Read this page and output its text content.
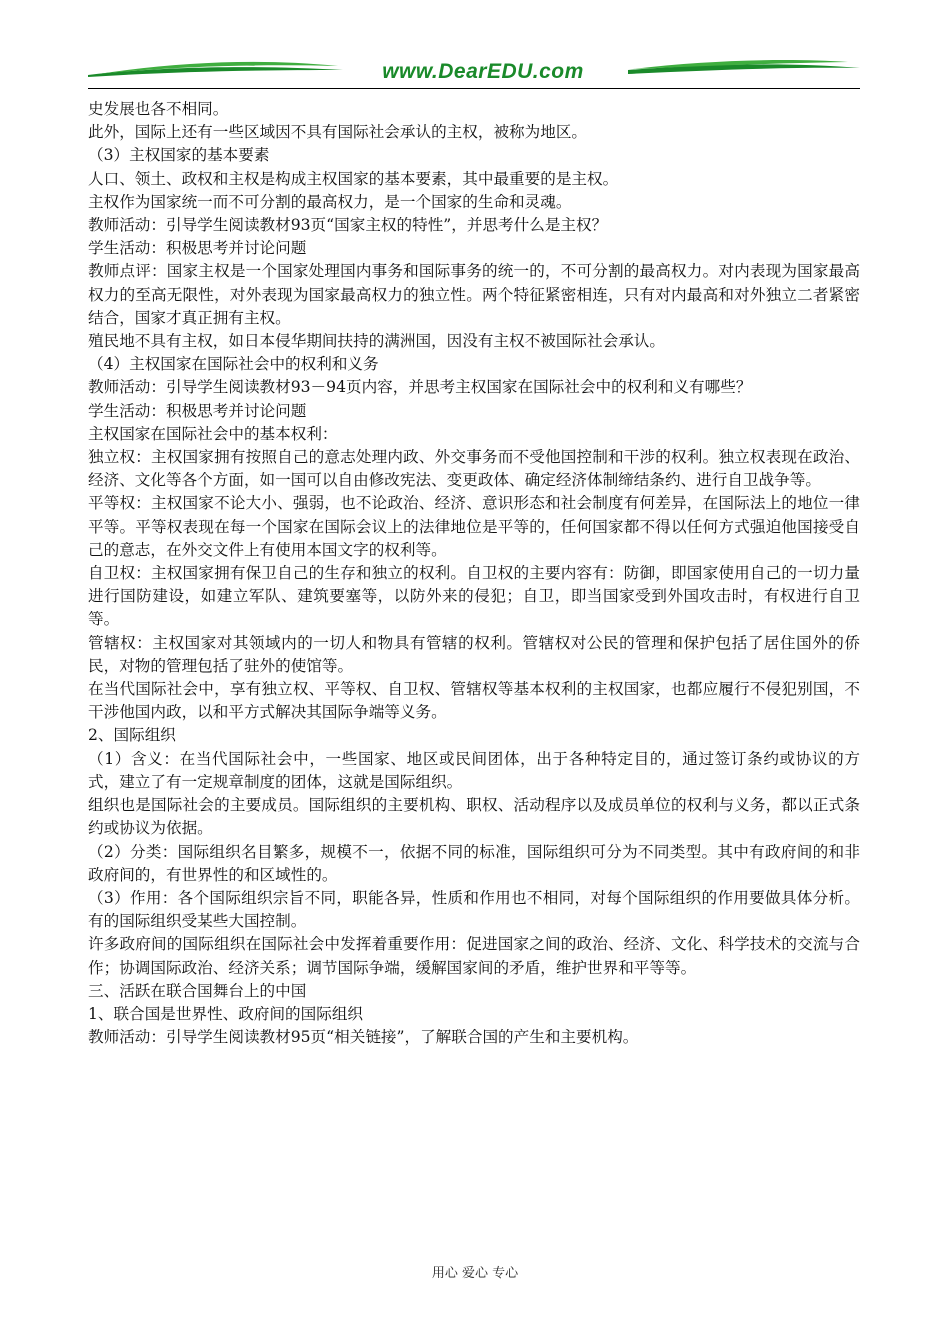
www.DearEDU.com

史发展也各不相同。

此外，国际上还有一些区域因不具有国际社会承认的主权，被称为地区。

（3）主权国家的基本要素

人口、领土、政权和主权是构成主权国家的基本要素，其中最重要的是主权。

主权作为国家统一而不可分割的最高权力，是一个国家的生命和灵魂。

教师活动：引导学生阅读教材93页“国家主权的特性”，并思考什么是主权？

学生活动：积极思考并讨论问题

教师点评：国家主权是一个国家处理国内事务和国际事务的统一的，不可分割的最高权力。对内表现为国家最高权力的至高无限性，对外表现为国家最高权力的独立性。两个特征紧密相连，只有对内最高和对外独立二者紧密结合，国家才真正拥有主权。

殖民地不具有主权，如日本侵华期间扶持的满洲国，因没有主权不被国际社会承认。

（4）主权国家在国际社会中的权利和义务

教师活动：引导学生阅读教材93－94页内容，并思考主权国家在国际社会中的权利和义有哪些？

学生活动：积极思考并讨论问题

主权国家在国际社会中的基本权利：

独立权：主权国家拥有按照自己的意志处理内政、外交事务而不受他国控制和干涉的权利。独立权表现在政治、经济、文化等各个方面，如一国可以自由修改宪法、变更政体、确定经济体制缔结条约、进行自卫战争等。

平等权：主权国家不论大小、强弱，也不论政治、经济、意识形态和社会制度有何差异，在国际法上的地位一律平等。平等权表现在每一个国家在国际会议上的法律地位是平等的，任何国家都不得以任何方式强迫他国接受自己的意志，在外交文件上有使用本国文字的权利等。

自卫权：主权国家拥有保卫自己的生存和独立的权利。自卫权的主要内容有：防御，即国家使用自己的一切力量进行国防建设，如建立军队、建筑要塞等，以防外来的侵犯；自卫，即当国家受到外国攻击时，有权进行自卫等。

管辖权：主权国家对其领域内的一切人和物具有管辖的权利。管辖权对公民的管理和保护包括了居住国外的侨民，对物的管理包括了驻外的使馆等。

在当代国际社会中，享有独立权、平等权、自卫权、管辖权等基本权利的主权国家，也都应履行不侵犯别国，不干涉他国内政，以和平方式解决其国际争端等义务。

2、国际组织

（1）含义：在当代国际社会中，一些国家、地区或民间团体，出于各种特定目的，通过签订条约或协议的方式，建立了有一定规章制度的团体，这就是国际组织。

组织也是国际社会的主要成员。国际组织的主要机构、职权、活动程序以及成员单位的权利与义务，都以正式条约或协议为依据。

（2）分类：国际组织名目繁多，规模不一，依据不同的标准，国际组织可分为不同类型。其中有政府间的和非政府间的，有世界性的和区域性的。

（3）作用：各个国际组织宗旨不同，职能各异，性质和作用也不相同，对每个国际组织的作用要做具体分析。有的国际组织受某些大国控制。

许多政府间的国际组织在国际社会中发挥着重要作用：促进国家之间的政治、经济、文化、科学技术的交流与合作；协调国际政治、经济关系；调节国际争端，缓解国家间的矛盾，维护世界和平等等。

三、活跃在联合国舞台上的中国

1、联合国是世界性、政府间的国际组织

教师活动：引导学生阅读教材95页“相关链接”，了解联合国的产生和主要机构。

用心 爱心 专心
